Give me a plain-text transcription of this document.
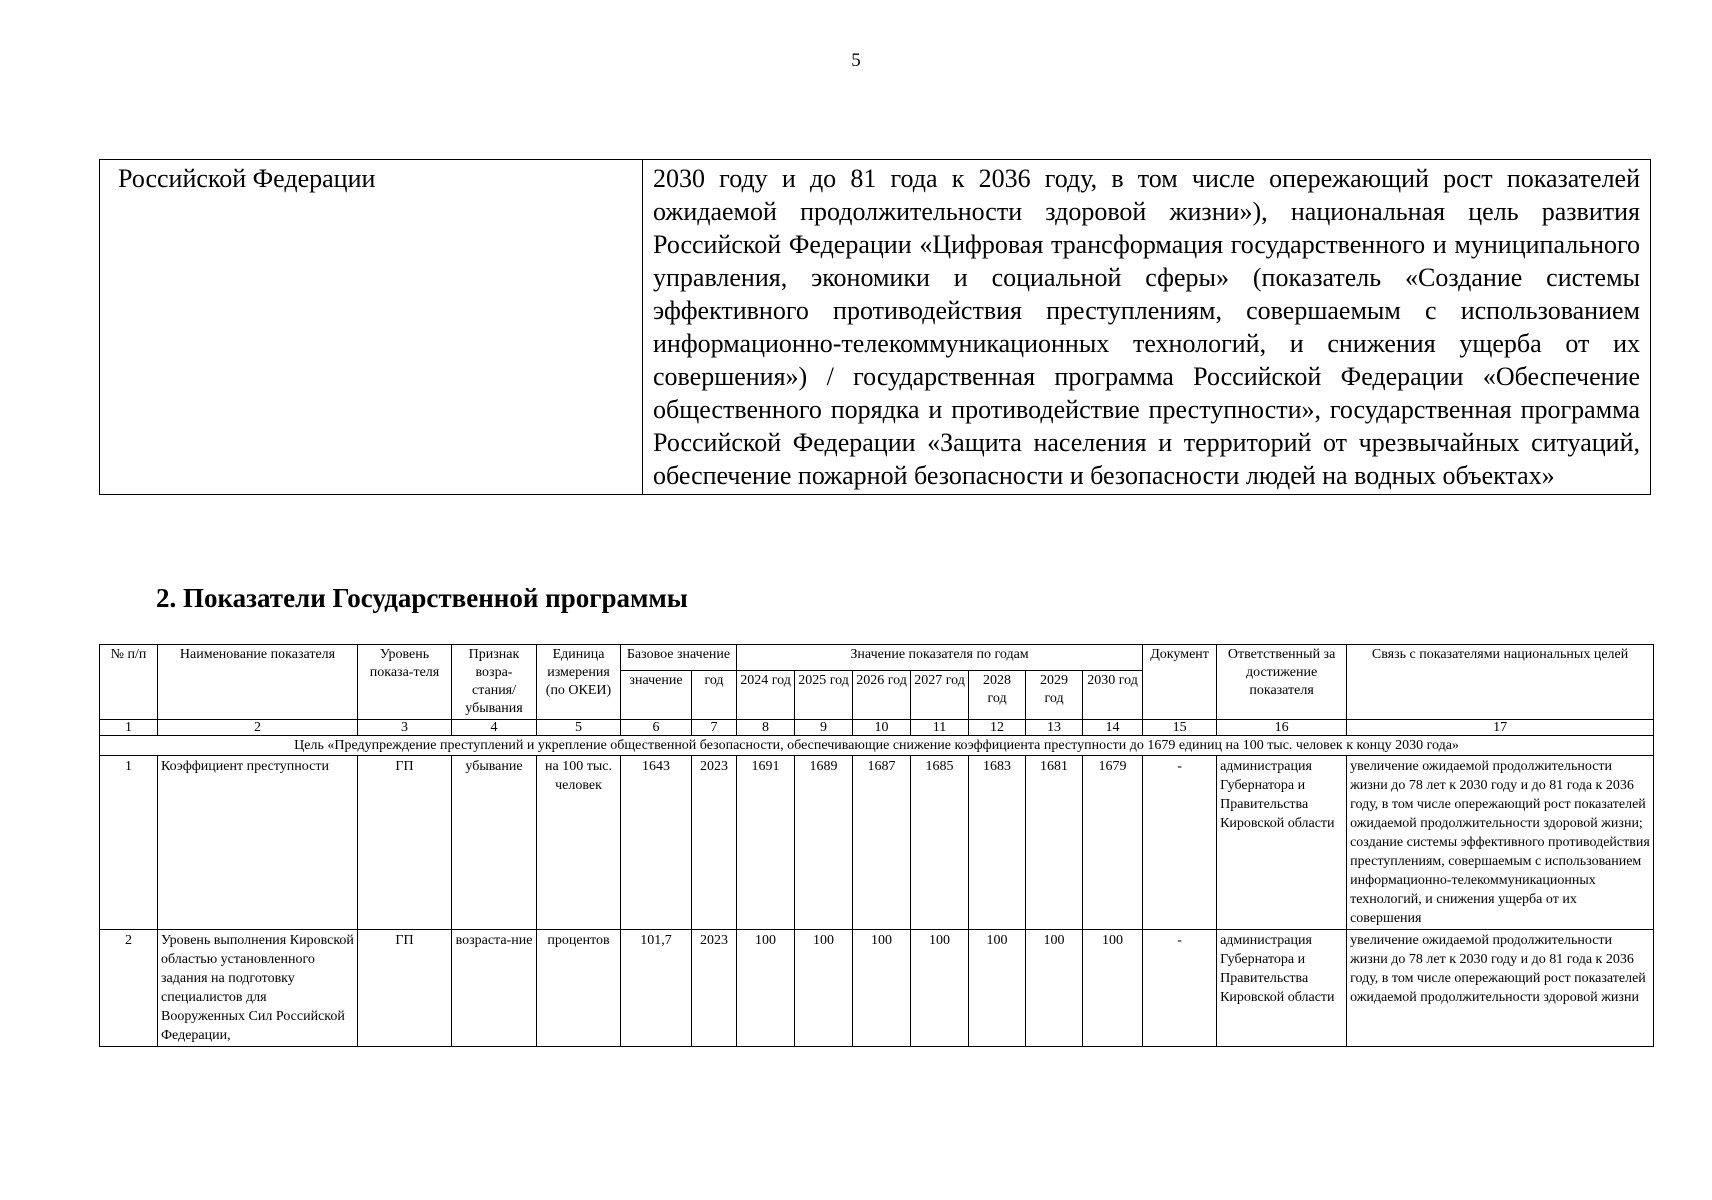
5
Российской Федерации	2030 году и до 81 года к 2036 году, в том числе опережающий рост показателей ожидаемой продолжительности здоровой жизни»), национальная цель развития Российской Федерации «Цифровая трансформация государственного и муниципального управления, экономики и социальной сферы» (показатель «Создание системы эффективного противодействия преступлениям, совершаемым с использованием информационно-телекоммуникационных технологий, и снижения ущерба от их совершения») / государственная программа Российской Федерации «Обеспечение общественного порядка и противодействие преступности», государственная программа Российской Федерации «Защита населения и территорий от чрезвычайных ситуаций, обеспечение пожарной безопасности и безопасности людей на водных объектах»
2. Показатели Государственной программы
№ п/п	Наименование показателя	Уровень показа-теля	Признак возра-стания/ убывания	Единица измерения (по ОКЕИ)	Базовое значение		Значение показателя по годам							Документ	Ответственный за достижение показателя	Связь с показателями национальных целей
					значение	год	2024 год	2025 год	2026 год	2027 год	2028 год	2029 год	2030 год			
1	2	3	4	5	6	7	8	9	10	11	12	13	14	15	16	17
Цель «Предупреждение преступлений и укрепление общественной безопасности, обеспечивающие снижение коэффициента преступности до 1679 единиц на 100 тыс. человек к концу 2030 года»																
1	Коэффициент преступности	ГП	убывание	на 100 тыс. человек	1643	2023	1691	1689	1687	1685	1683	1681	1679	-	администрация Губернатора и Правительства Кировской области	увеличение ожидаемой продолжительности жизни до 78 лет к 2030 году и до 81 года к 2036 году, в том числе опережающий рост показателей ожидаемой продолжительности здоровой жизни; создание системы эффективного противодействия преступлениям, совершаемым с использованием информационно-телекоммуникационных технологий, и снижения ущерба от их совершения
2	Уровень выполнения Кировской областью установленного задания на подготовку специалистов для Вооруженных Сил Российской Федерации,	ГП	возраста-ние	процентов	101,7	2023	100	100	100	100	100	100	100	-	администрация Губернатора и Правительства Кировской области	увеличение ожидаемой продолжительности жизни до 78 лет к 2030 году и до 81 года к 2036 году, в том числе опережающий рост показателей ожидаемой продолжительности здоровой жизни
